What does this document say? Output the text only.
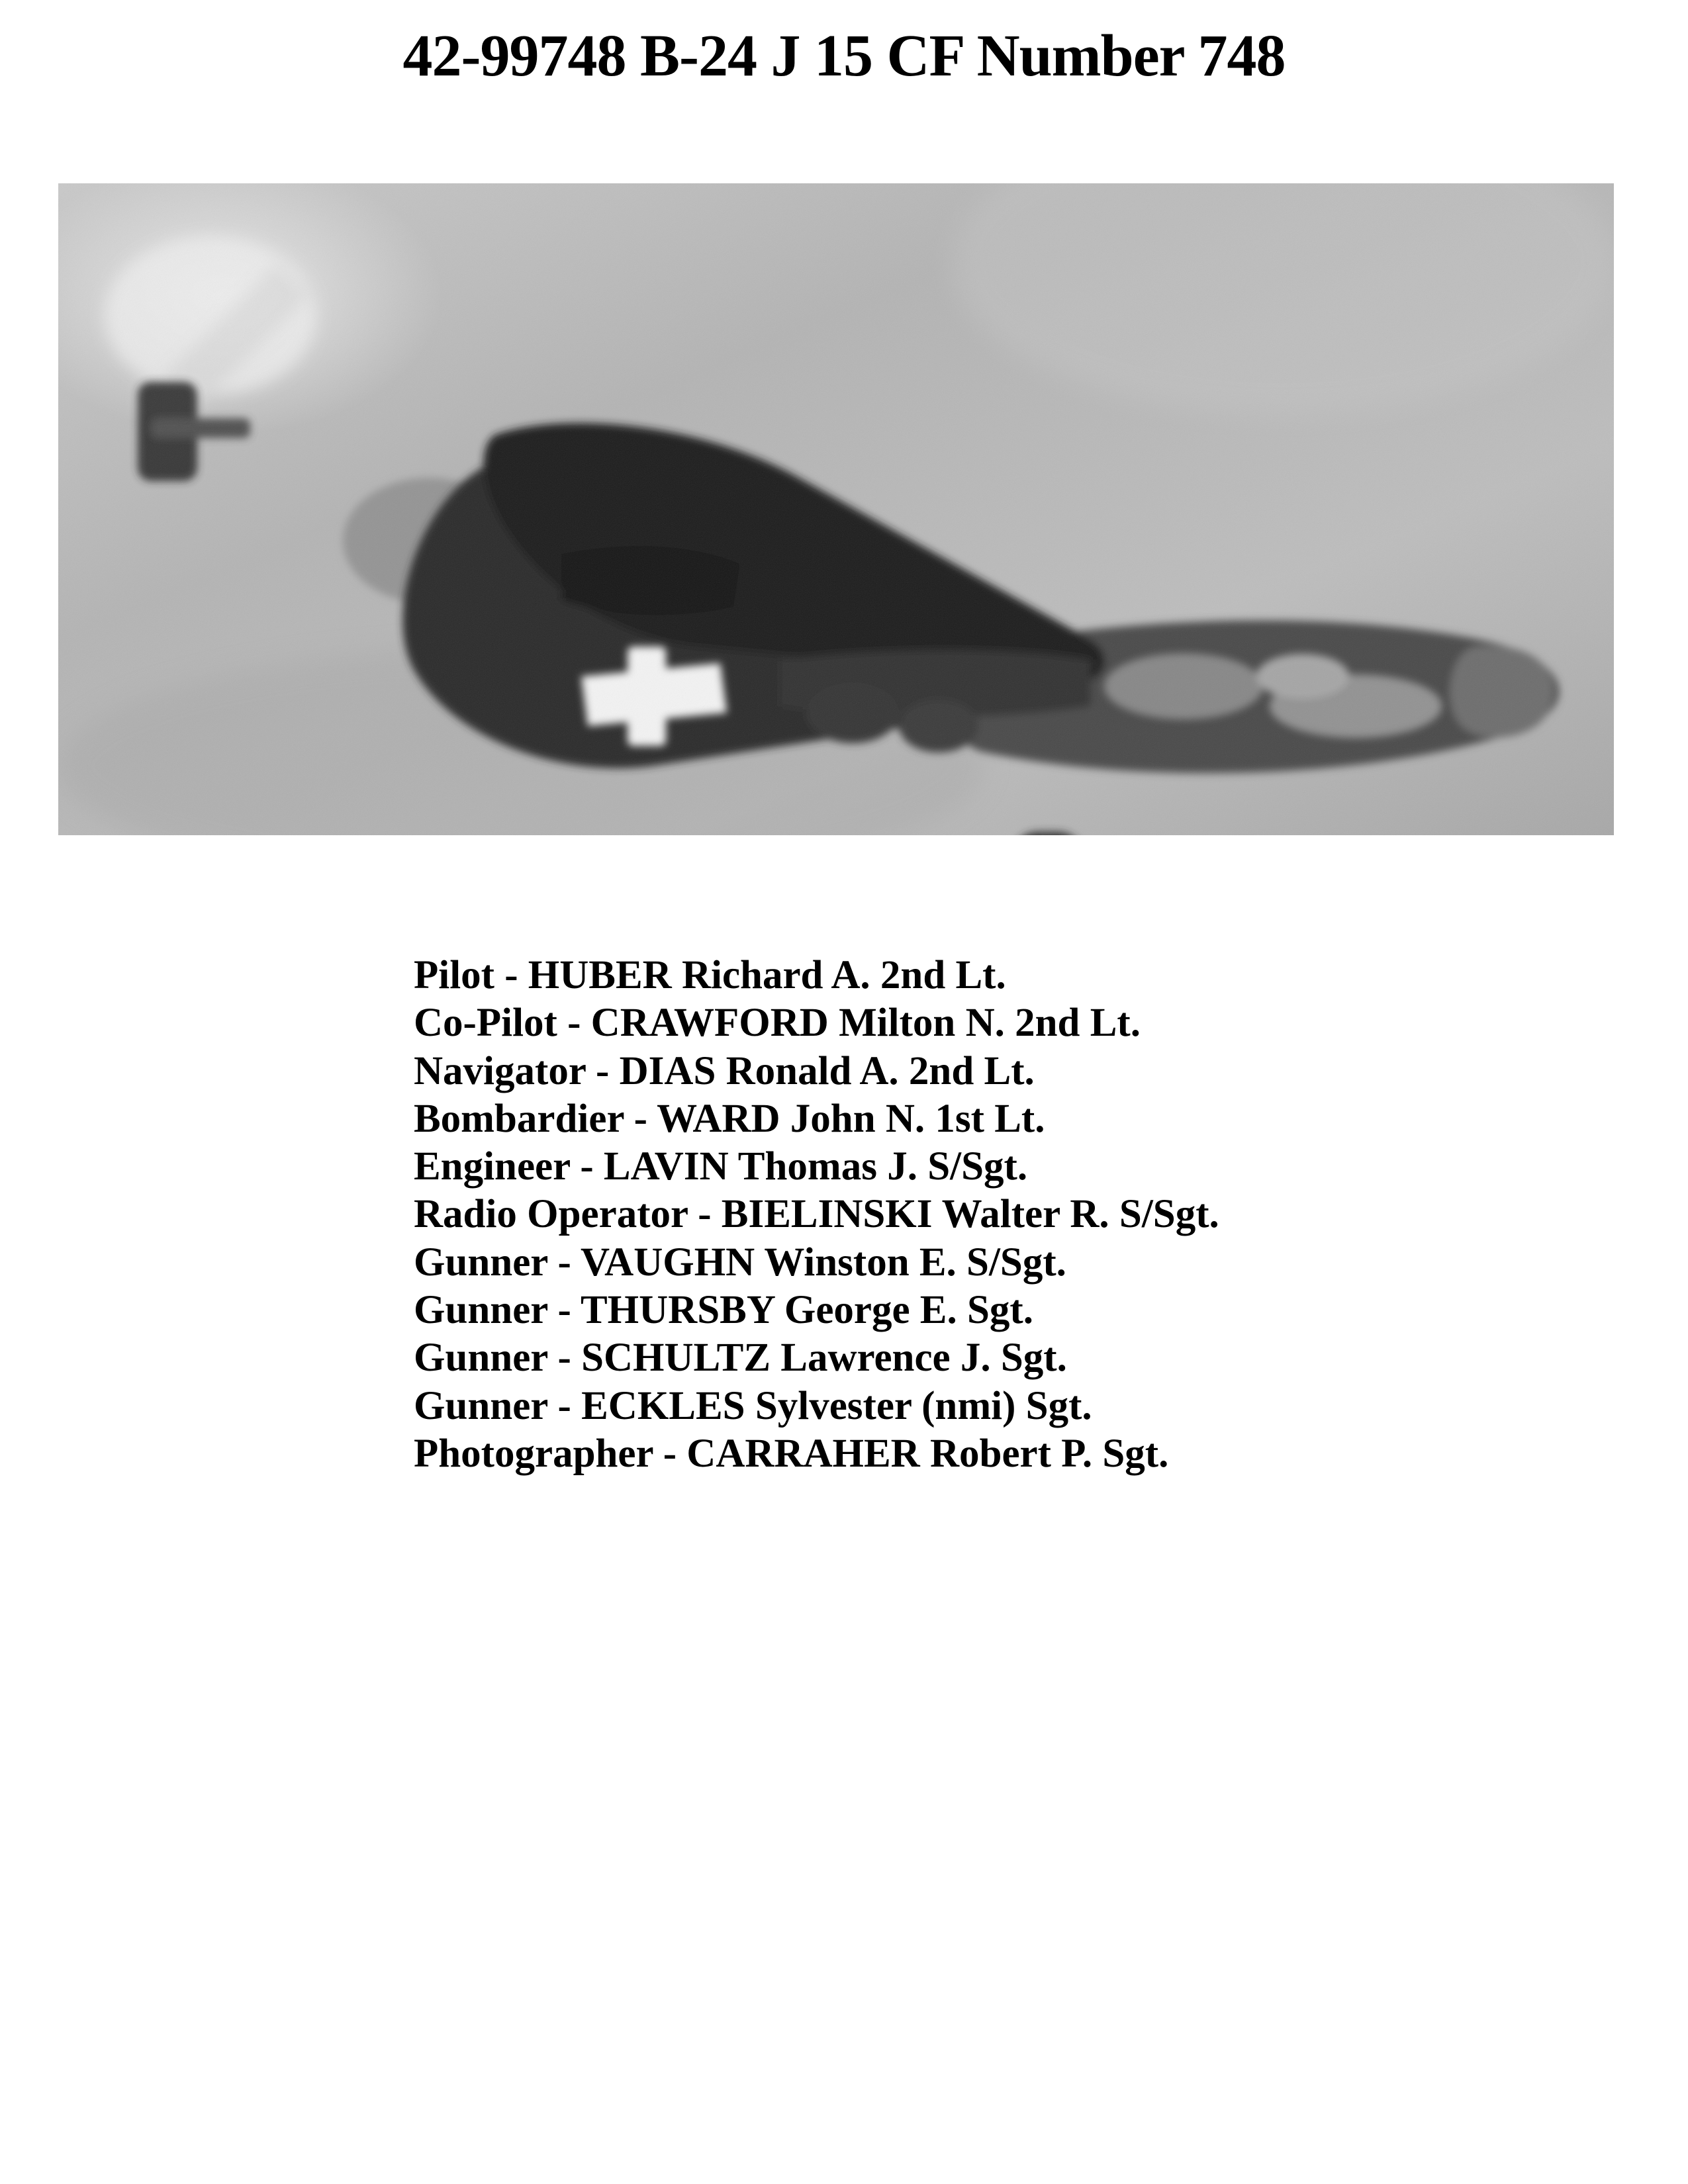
42-99748 B-24 J 15 CF Number 748
Pilot - HUBER Richard A. 2nd Lt.
Co-Pilot - CRAWFORD Milton N. 2nd Lt.
Navigator - DIAS Ronald A. 2nd Lt.
Bombardier - WARD John N. 1st Lt.
Engineer - LAVIN Thomas J. S/Sgt.
Radio Operator - BIELINSKI Walter R. S/Sgt.
Gunner - VAUGHN Winston E. S/Sgt.
Gunner - THURSBY George E. Sgt.
Gunner - SCHULTZ Lawrence J. Sgt.
Gunner - ECKLES Sylvester (nmi) Sgt.
Photographer - CARRAHER Robert P. Sgt.
